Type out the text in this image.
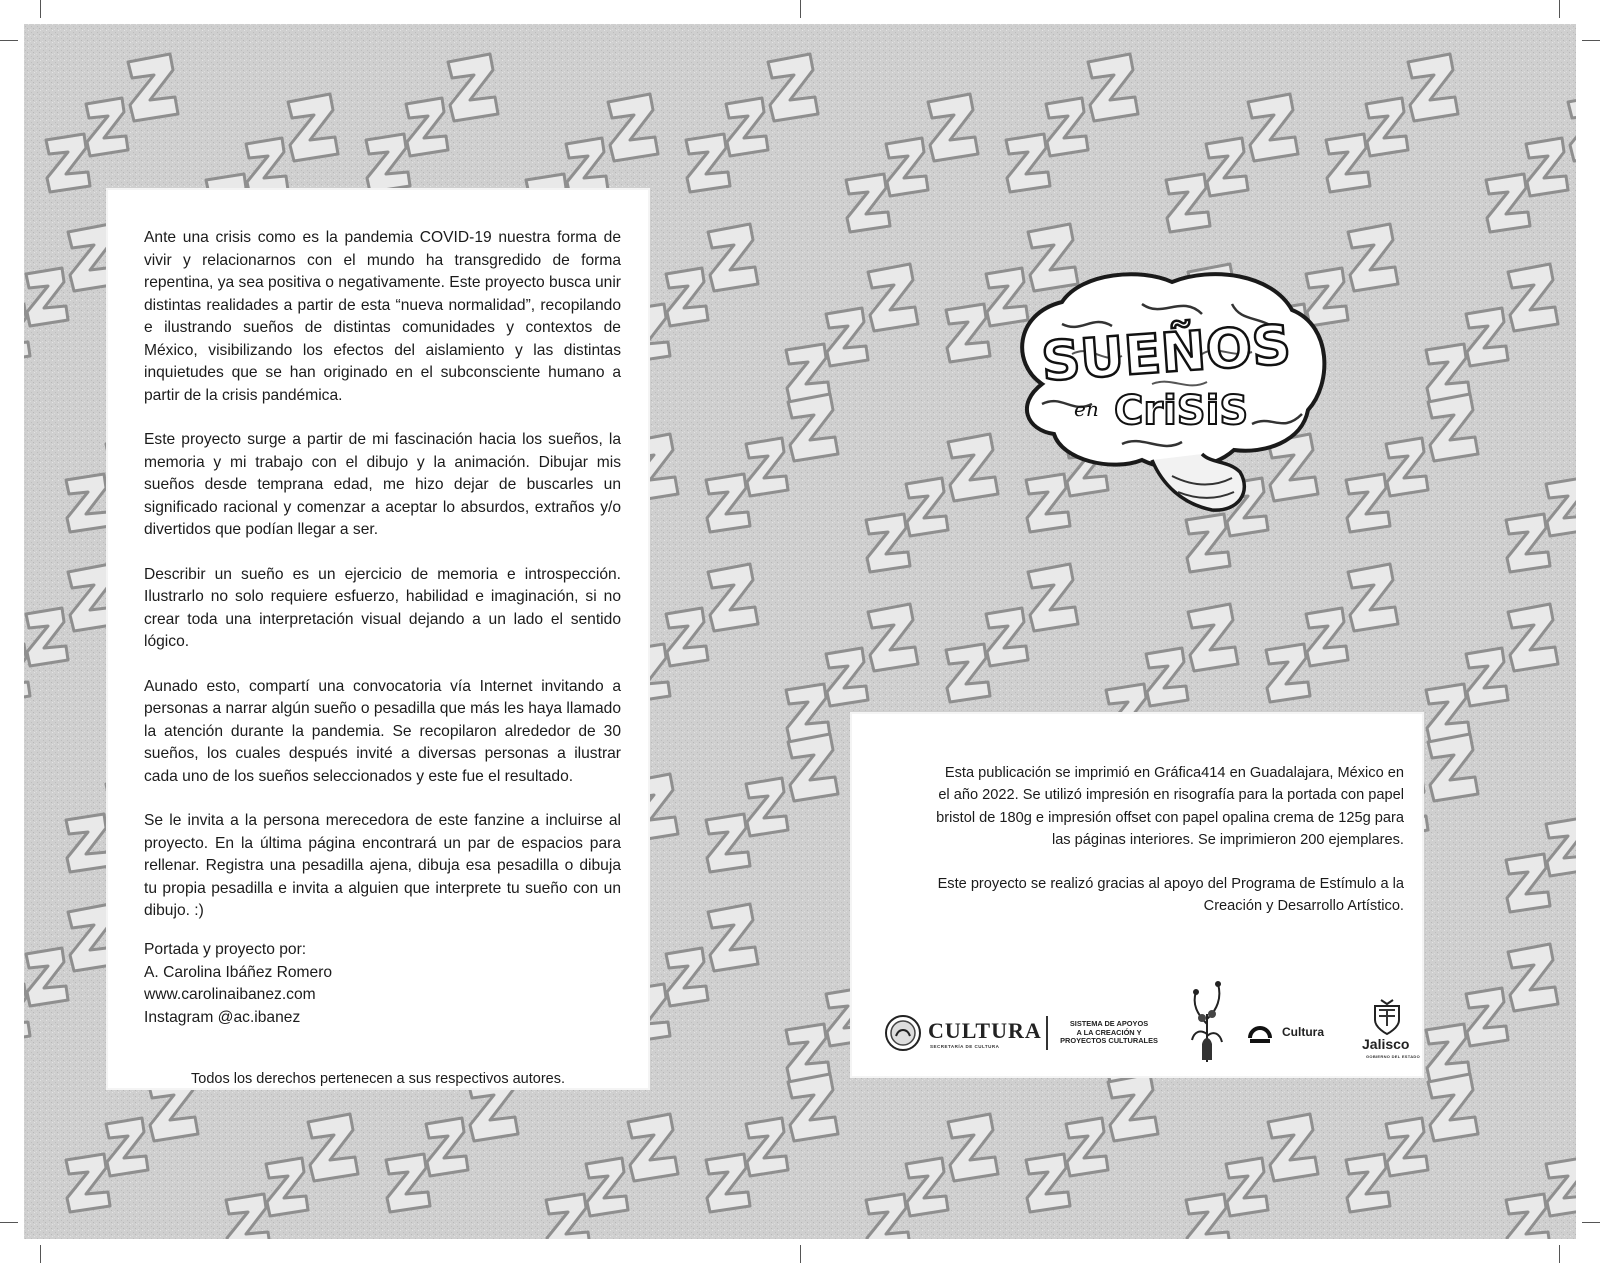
Ante una crisis como es la pandemia COVID-19 nuestra forma de vivir y relacionarnos con el mundo ha transgredido de forma repentina, ya sea positiva o negativamente. Este proyecto busca unir distintas realidades a partir de esta “nueva normalidad”, recopilando e ilustrando sueños de distintas comunidades y contextos de México, visibilizando los efectos del aislamiento y las distintas inquietudes que se han originado en el subconsciente humano a partir de la crisis pandémica.

Este proyecto surge a partir de mi fascinación hacia los sueños, la memoria y mi trabajo con el dibujo y la animación. Dibujar mis sueños desde temprana edad, me hizo dejar de buscarles un significado racional y comenzar a aceptar lo absurdos, extraños y/o divertidos que podían llegar a ser.

Describir un sueño es un ejercicio de memoria e introspección. Ilustrarlo no solo requiere esfuerzo, habilidad e imaginación, si no crear toda una interpretación visual dejando a un lado el sentido lógico.

Aunado esto, compartí una convocatoria vía Internet invitando a personas a narrar algún sueño o pesadilla que más les haya llamado la atención durante la pandemia. Se recopilaron alrededor de 30 sueños, los cuales después invité a diversas personas a ilustrar cada uno de los sueños seleccionados y este fue el resultado.

Se le invita a la persona merecedora de este fanzine a incluirse al proyecto. En la última página encontrará un par de espacios para rellenar. Registra una pesadilla ajena, dibuja esa pesadilla o dibuja tu propia pesadilla e invita a alguien que interprete tu sueño con un dibujo. :)

Portada y proyecto por:
A. Carolina Ibáñez Romero
www.carolinaibanez.com
Instagram @ac.ibanez
Todos los derechos pertenecen a sus respectivos autores.
SUEÑOS
en CriSiS

Esta publicación se imprimió en Gráfica414 en Guadalajara, México en el año 2022. Se utilizó impresión en risografía para la portada con papel bristol de 180g e impresión offset con papel opalina crema de 125g para las páginas interiores. Se imprimieron 200 ejemplares.

Este proyecto se realizó gracias al apoyo del Programa de Estímulo a la Creación y Desarrollo Artístico.

CULTURA
SECRETARÍA DE CULTURA
SISTEMA DE APOYOS
A LA CREACIÓN Y
PROYECTOS CULTURALES
Cultura
Jalisco
GOBIERNO DEL ESTADO
